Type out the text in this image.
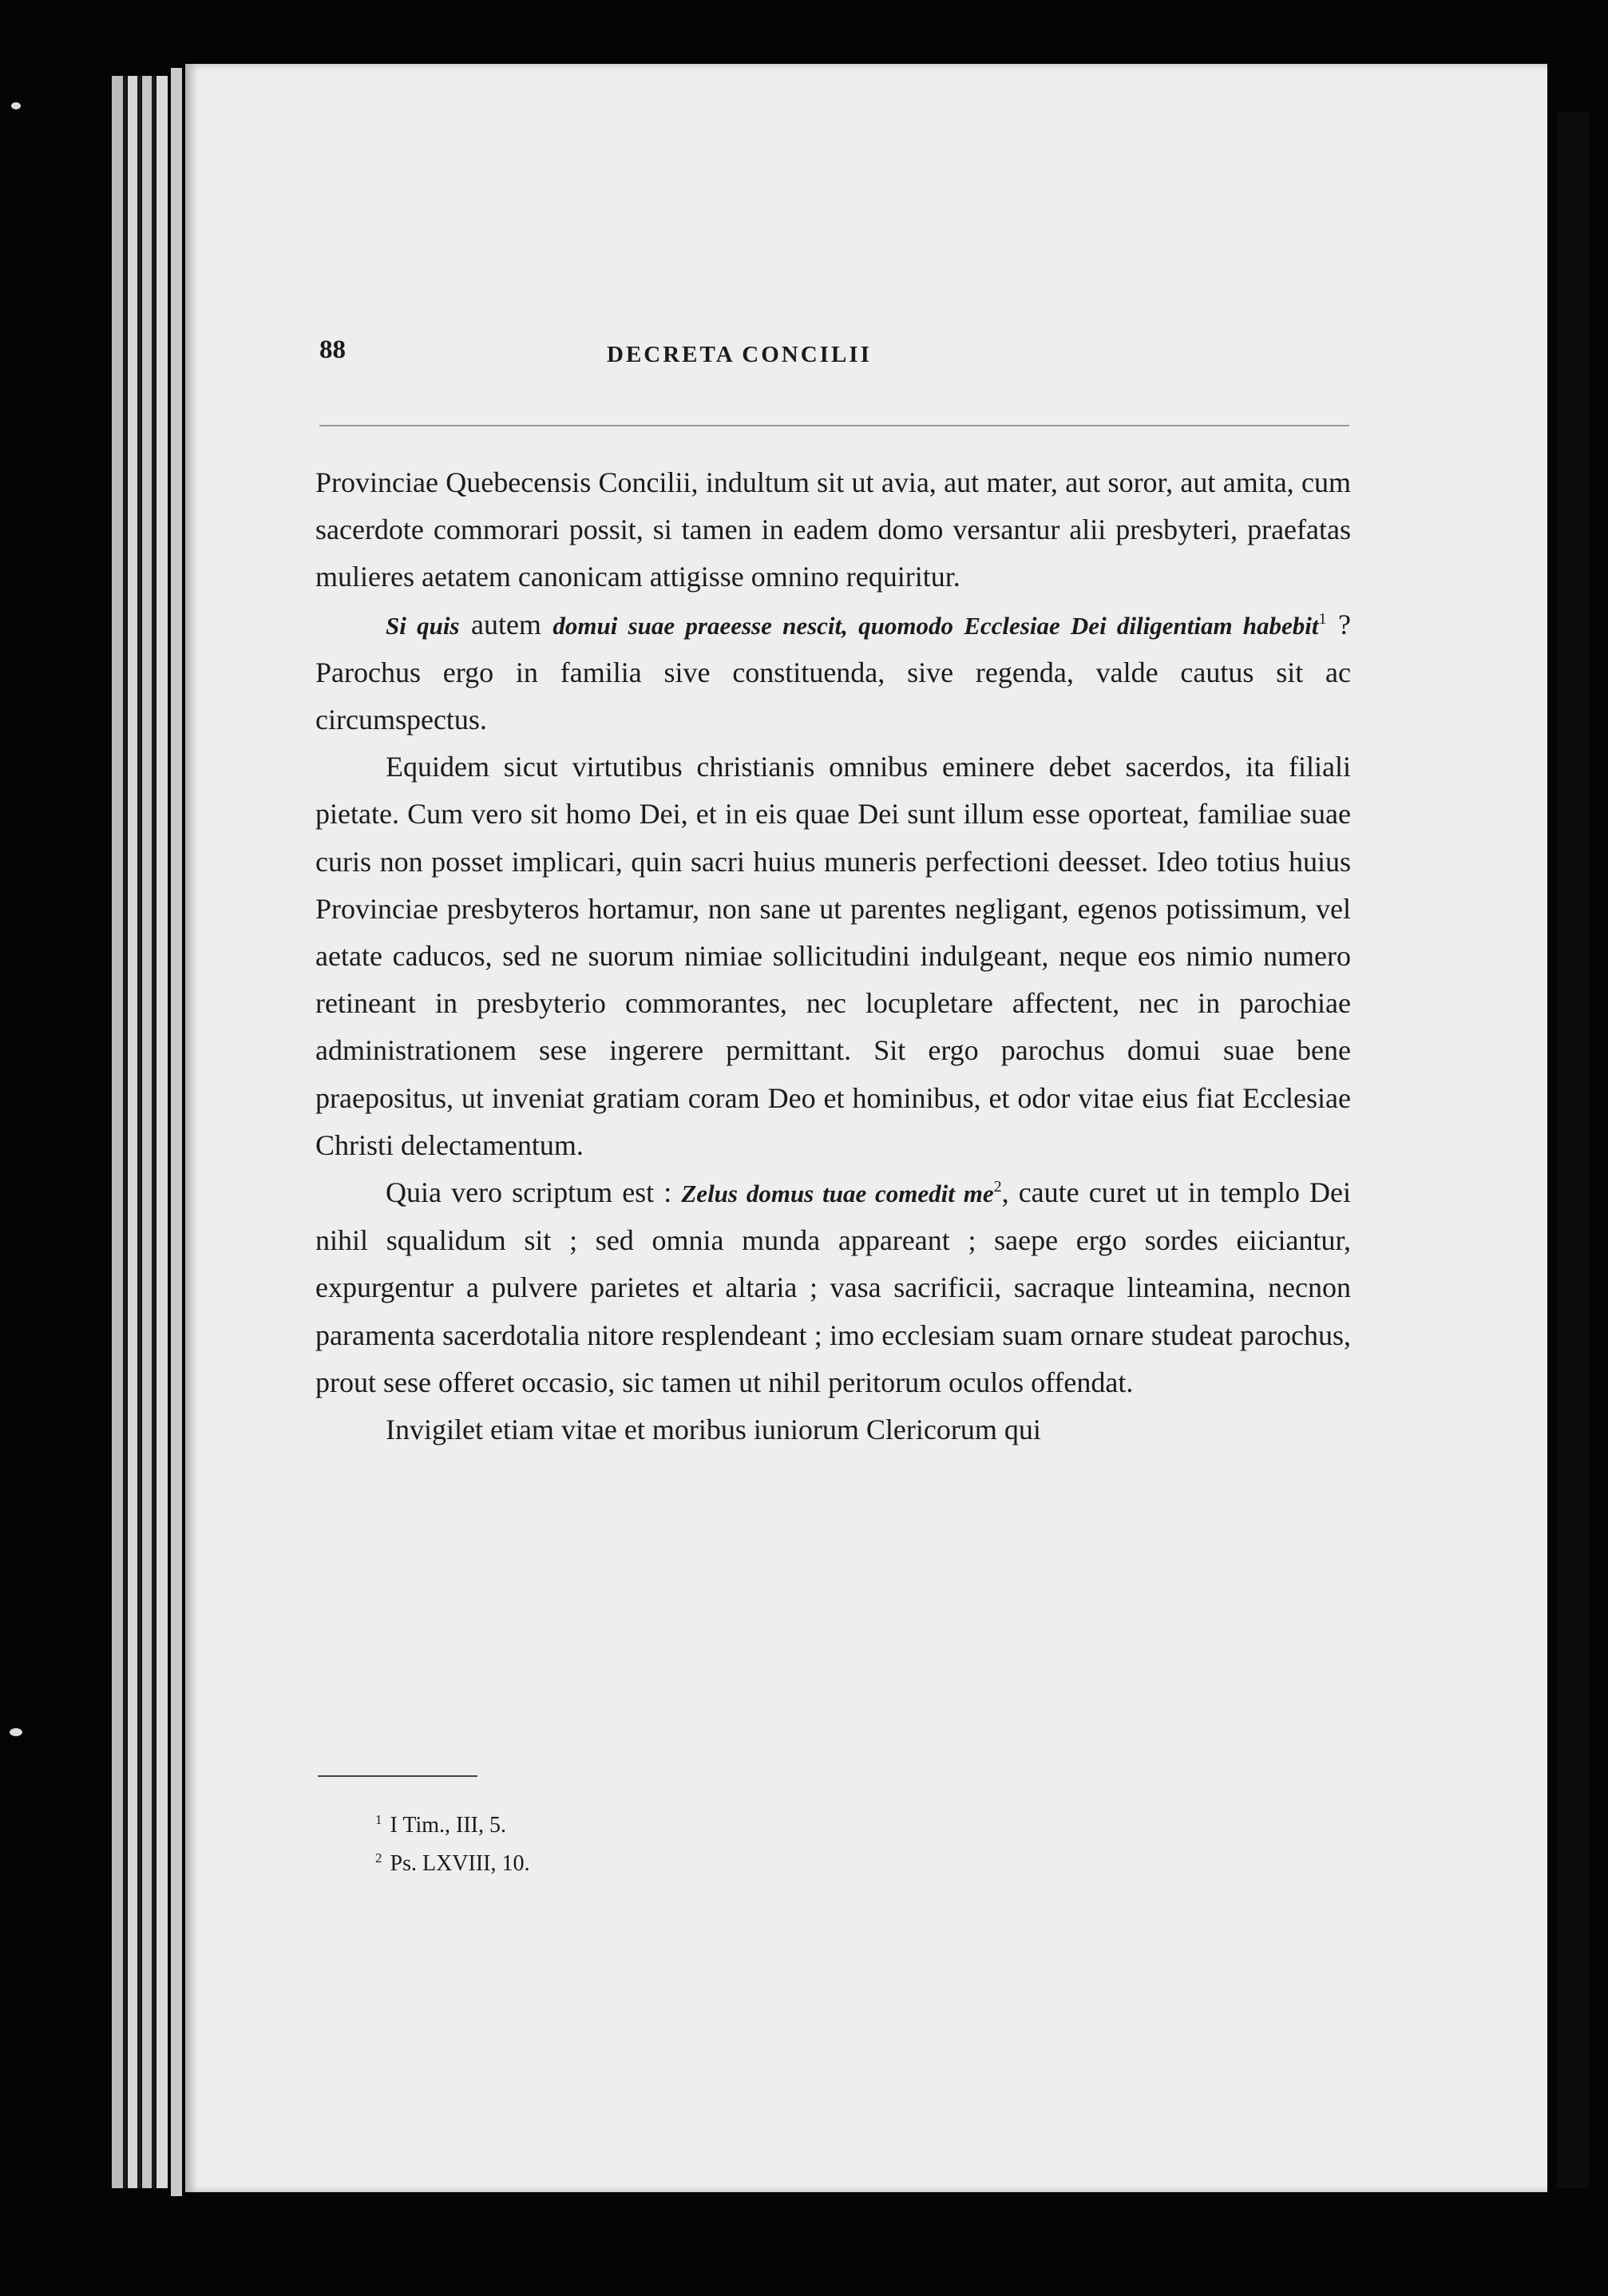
88	DECRETA CONCILII

Provinciae Quebecensis Concilii, indultum sit ut avia, aut mater, aut soror, aut amita, cum sacerdote commorari possit, si tamen in eadem domo versantur alii presbyteri, praefatas mulieres aetatem canonicam attigisse omnino requiritur.

Si quis autem domui suae praeesse nescit, quomodo Ecclesiae Dei diligentiam habebit$^1$ ? Parochus ergo in familia sive constituenda, sive regenda, valde cautus sit ac circumspectus.

Equidem sicut virtutibus christianis omnibus eminere debet sacerdos, ita filiali pietate. Cum vero sit homo Dei, et in eis quae Dei sunt illum esse oporteat, familiae suae curis non posset implicari, quin sacri huius muneris perfectioni deesset. Ideo totius huius Provinciae presbyteros hortamur, non sane ut parentes negligant, egenos potissimum, vel aetate caducos, sed ne suorum nimiae sollicitudini indulgeant, neque eos nimio numero retineant in presbyterio commorantes, nec locupletare affectent, nec in parochiae administrationem sese ingerere permittant. Sit ergo parochus domui suae bene praepositus, ut inveniat gratiam coram Deo et hominibus, et odor vitae eius fiat Ecclesiae Christi delectamentum.

Quia vero scriptum est : Zelus domus tuae comedit $me^2$, caute curet ut in templo Dei nihil squalidum sit ; sed omnia munda appareant ; saepe ergo sordes eiiciantur, expurgentur a pulvere parietes et altaria ; vasa sacrificii, sacraque linteamina, necnon paramenta sacerdotalia nitore resplendeant ; imo ecclesiam suam ornare studeat parochus, prout sese offeret occasio, sic tamen ut nihil peritorum oculos offendat.

Invigilet etiam vitae et moribus iuniorum Clericorum qui

$^1$ I Tim., III, 5.

$^2$ Ps. LXVIII, 10.
